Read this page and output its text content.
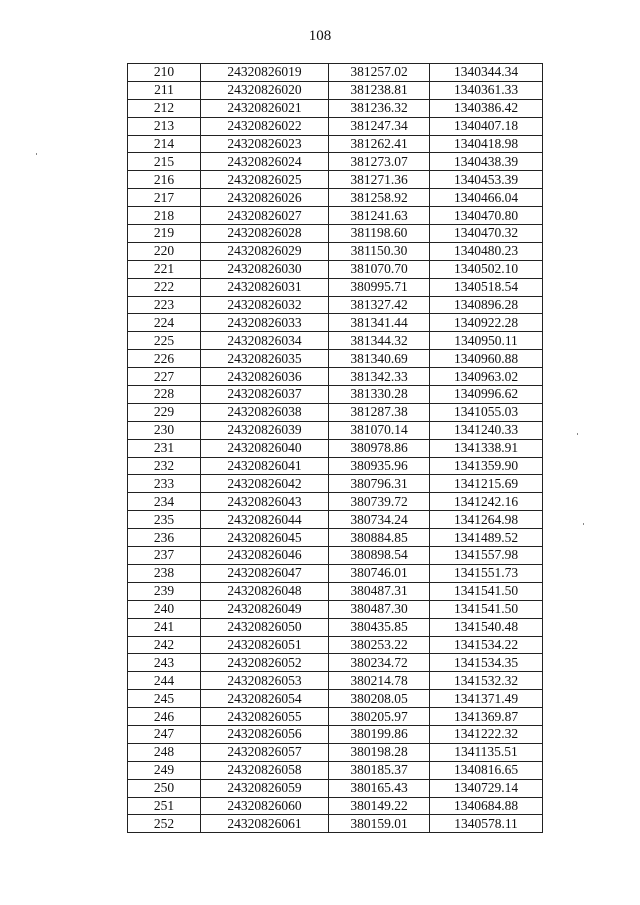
108
210	24320826019	381257.02	1340344.34
211	24320826020	381238.81	1340361.33
212	24320826021	381236.32	1340386.42
213	24320826022	381247.34	1340407.18
214	24320826023	381262.41	1340418.98
215	24320826024	381273.07	1340438.39
216	24320826025	381271.36	1340453.39
217	24320826026	381258.92	1340466.04
218	24320826027	381241.63	1340470.80
219	24320826028	381198.60	1340470.32
220	24320826029	381150.30	1340480.23
221	24320826030	381070.70	1340502.10
222	24320826031	380995.71	1340518.54
223	24320826032	381327.42	1340896.28
224	24320826033	381341.44	1340922.28
225	24320826034	381344.32	1340950.11
226	24320826035	381340.69	1340960.88
227	24320826036	381342.33	1340963.02
228	24320826037	381330.28	1340996.62
229	24320826038	381287.38	1341055.03
230	24320826039	381070.14	1341240.33
231	24320826040	380978.86	1341338.91
232	24320826041	380935.96	1341359.90
233	24320826042	380796.31	1341215.69
234	24320826043	380739.72	1341242.16
235	24320826044	380734.24	1341264.98
236	24320826045	380884.85	1341489.52
237	24320826046	380898.54	1341557.98
238	24320826047	380746.01	1341551.73
239	24320826048	380487.31	1341541.50
240	24320826049	380487.30	1341541.50
241	24320826050	380435.85	1341540.48
242	24320826051	380253.22	1341534.22
243	24320826052	380234.72	1341534.35
244	24320826053	380214.78	1341532.32
245	24320826054	380208.05	1341371.49
246	24320826055	380205.97	1341369.87
247	24320826056	380199.86	1341222.32
248	24320826057	380198.28	1341135.51
249	24320826058	380185.37	1340816.65
250	24320826059	380165.43	1340729.14
251	24320826060	380149.22	1340684.88
252	24320826061	380159.01	1340578.11
